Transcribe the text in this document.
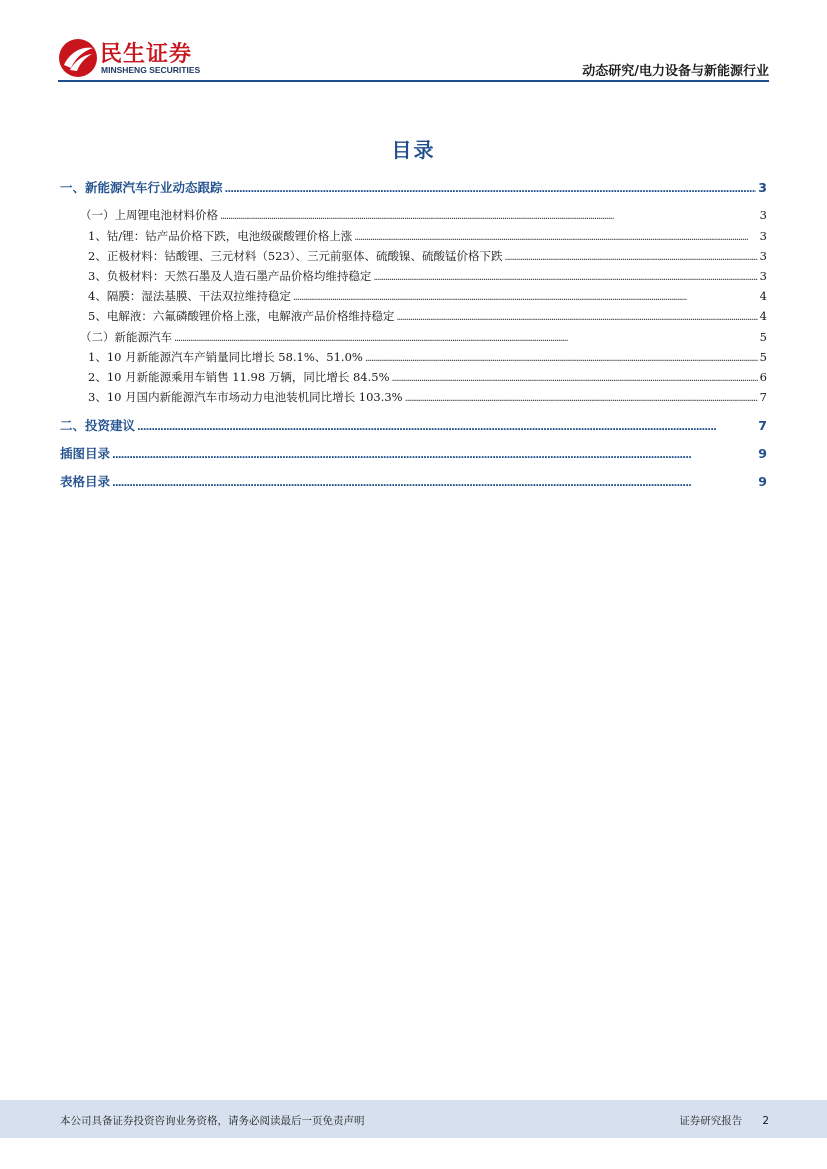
民生证券
MINSHENG SECURITIES	动态研究/电力设备与新能源行业
目录
一、新能源汽车行业动态跟踪 . . .	3
（一）上周锂电池材料价格 . . .	3
1、钴/锂：钴产品价格下跌，电池级碳酸锂价格上涨 . . .	3
2、正极材料：钴酸锂、三元材料（523）、三元前驱体、硫酸镍、硫酸锰价格下跌 . . .	3
3、负极材料：天然石墨及人造石墨产品价格均维持稳定 . . .	3
4、隔膜：湿法基膜、干法双拉维持稳定 . . .	4
5、电解液：六氟磷酸锂价格上涨，电解液产品价格维持稳定 . . .	4
（二）新能源汽车 . . .	5
1、10 月新能源汽车产销量同比增长 58.1%、51.0% . . .	5
2、10 月新能源乘用车销售 11.98 万辆，同比增长 84.5% . . .	6
3、10 月国内新能源汽车市场动力电池装机同比增长 103.3% . . .	7
二、投资建议 . . .	7
插图目录 . . .	9
表格目录 . . .	9
本公司具备证券投资咨询业务资格，请务必阅读最后一页免责声明	证券研究报告 2
